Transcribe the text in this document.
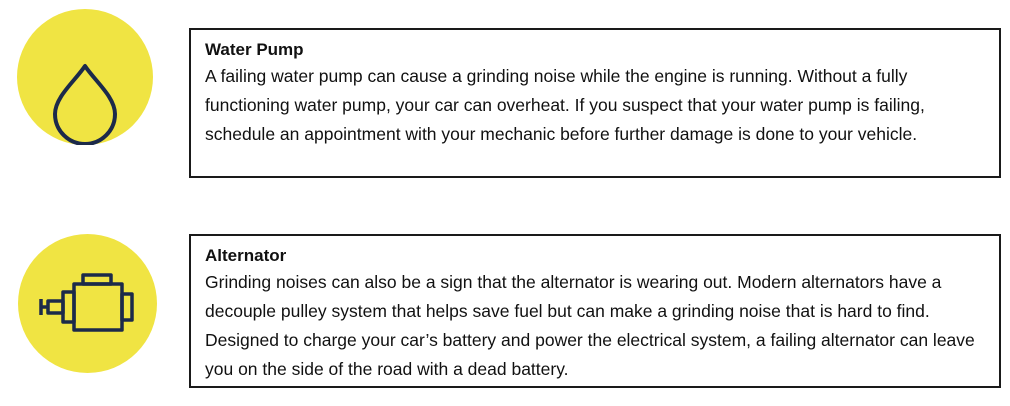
Water Pump

A failing water pump can cause a grinding noise while the engine is running. Without a fully functioning water pump, your car can overheat. If you suspect that your water pump is failing, schedule an appointment with your mechanic before further damage is done to your vehicle.

Alternator

Grinding noises can also be a sign that the alternator is wearing out. Modern alternators have a decouple pulley system that helps save fuel but can make a grinding noise that is hard to find. Designed to charge your car’s battery and power the electrical system, a failing alternator can leave you on the side of the road with a dead battery.
